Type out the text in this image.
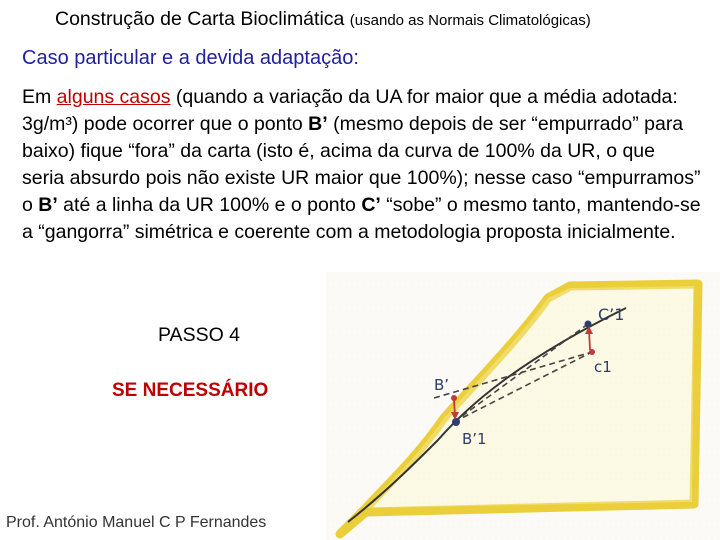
Construção de Carta Bioclimática (usando as Normais Climatológicas)
Caso particular e a devida adaptação:
Em alguns casos (quando a variação da UA for maior que a média adotada: 3g/m³) pode ocorrer que o ponto B’ (mesmo depois de ser “empurrado” para baixo) fique “fora” da carta (isto é, acima da curva de 100% da UR, o que seria absurdo pois não existe UR maior que 100%); nesse caso “empurramos” o B’ até a linha da UR 100% e o ponto C’ “sobe” o mesmo tanto, mantendo-se a “gangorra” simétrica e coerente com a metodologia proposta inicialmente.
PASSO 4
SE NECESSÁRIO
Prof. António Manuel C P Fernandes
C’1
c1
B’
B’1
